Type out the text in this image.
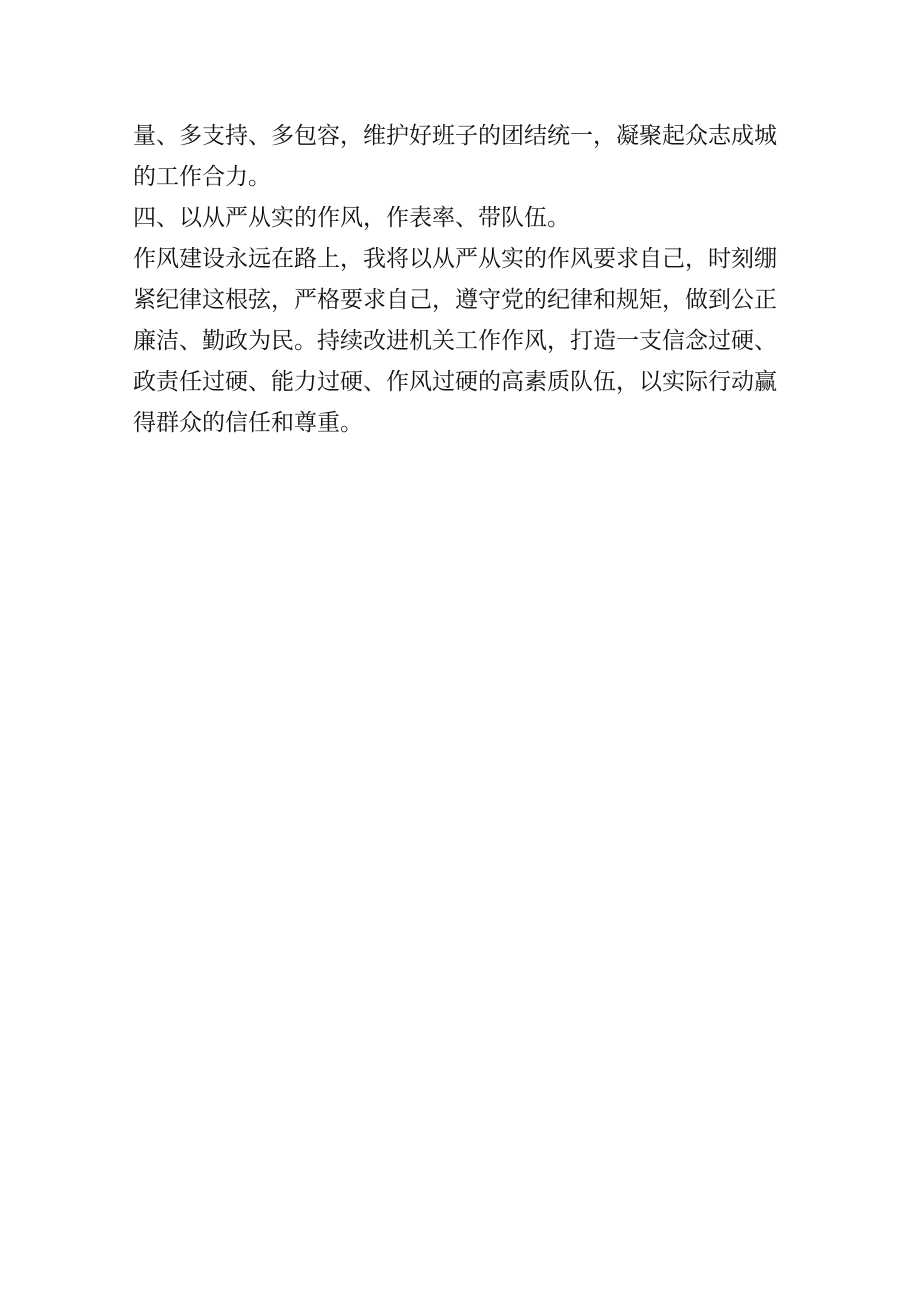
量、多支持、多包容，维护好班子的团结统一，凝聚起众志成城
的工作合力。
四、以从严从实的作风，作表率、带队伍。
作风建设永远在路上，我将以从严从实的作风要求自己，时刻绷
紧纪律这根弦，严格要求自己，遵守党的纪律和规矩，做到公正
廉洁、勤政为民。持续改进机关工作作风，打造一支信念过硬、
政责任过硬、能力过硬、作风过硬的高素质队伍，以实际行动赢
得群众的信任和尊重。
